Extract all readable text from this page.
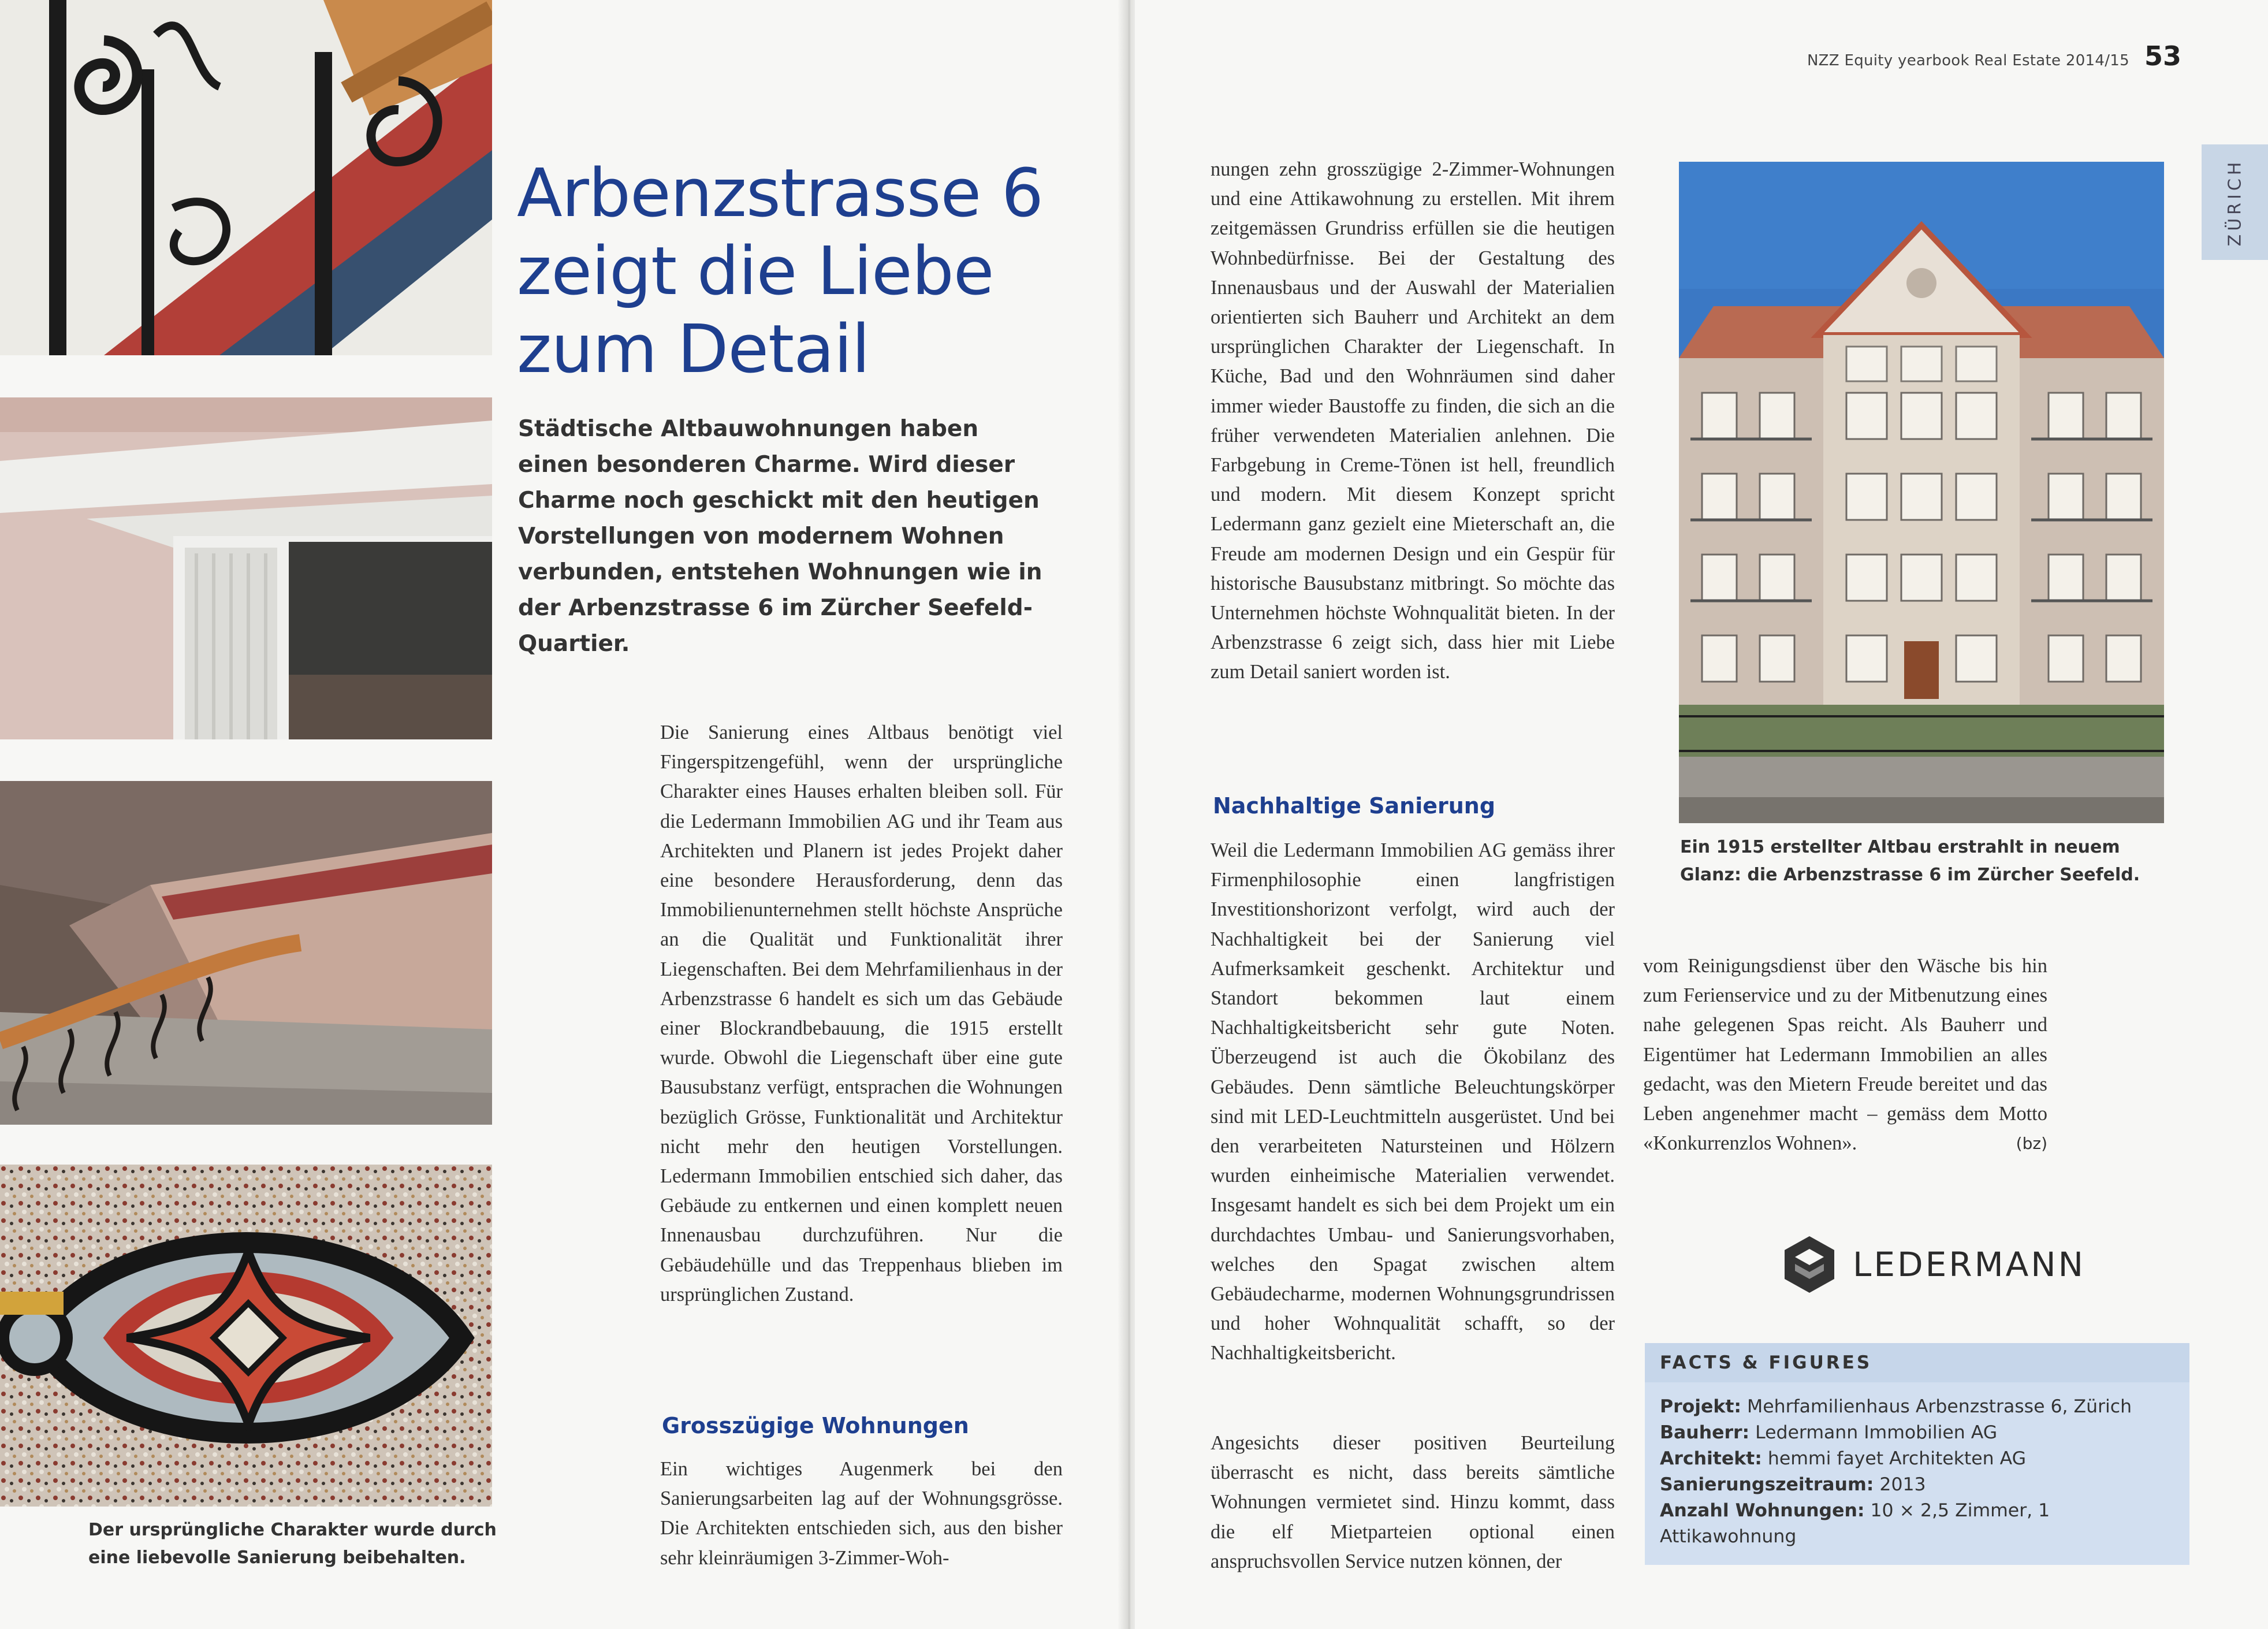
Der ursprüngliche Charakter wurde durch eine liebevolle Sanierung beibehalten.

Arbenzstrasse 6
zeigt die Liebe
zum Detail

Städtische Altbauwohnungen haben einen besonderen Charme. Wird dieser Charme noch geschickt mit den heutigen Vorstellungen von modernem Wohnen verbunden, entstehen Wohnungen wie in der Arbenzstrasse 6 im Zürcher Seefeld-Quartier.

Die Sanierung eines Altbaus benötigt viel Fingerspitzengefühl, wenn der ursprüngliche Charakter eines Hauses erhalten bleiben soll. Für die Ledermann Immobilien AG und ihr Team aus Architekten und Planern ist jedes Projekt daher eine besondere Herausforderung, denn das Immobilienunternehmen stellt höchste Ansprüche an die Qualität und Funktionalität ihrer Liegenschaften. Bei dem Mehrfamilienhaus in der Arbenzstrasse 6 handelt es sich um das Gebäude einer Blockrandbebauung, die 1915 erstellt wurde. Obwohl die Liegenschaft über eine gute Bausubstanz verfügt, entsprachen die Wohnungen bezüglich Grösse, Funktionalität und Architektur nicht mehr den heutigen Vorstellungen. Ledermann Immobilien entschied sich daher, das Gebäude zu entkernen und einen komplett neuen Innenausbau durchzuführen. Nur die Gebäudehülle und das Treppenhaus blieben im ursprünglichen Zustand.

Grosszügige Wohnungen

Ein wichtiges Augenmerk bei den Sanierungsarbeiten lag auf der Wohnungsgrösse. Die Architekten entschieden sich, aus den bisher sehr kleinräumigen 3-Zimmer-Woh-

NZZ Equity yearbook Real Estate 2014/15 53
ZÜRICH

nungen zehn grosszügige 2-Zimmer-Wohnungen und eine Attikawohnung zu erstellen. Mit ihrem zeitgemässen Grundriss erfüllen sie die heutigen Wohnbedürfnisse. Bei der Gestaltung des Innenausbaus und der Auswahl der Materialien orientierten sich Bauherr und Architekt an dem ursprünglichen Charakter der Liegenschaft. In Küche, Bad und den Wohnräumen sind daher immer wieder Baustoffe zu finden, die sich an die früher verwendeten Materialien anlehnen. Die Farbgebung in Creme-Tönen ist hell, freundlich und modern. Mit diesem Konzept spricht Ledermann ganz gezielt eine Mieterschaft an, die Freude am modernen Design und ein Gespür für historische Bausubstanz mitbringt. So möchte das Unternehmen höchste Wohnqualität bieten. In der Arbenzstrasse 6 zeigt sich, dass hier mit Liebe zum Detail saniert worden ist.

Nachhaltige Sanierung

Weil die Ledermann Immobilien AG gemäss ihrer Firmenphilosophie einen langfristigen Investitionshorizont verfolgt, wird auch der Nachhaltigkeit bei der Sanierung viel Aufmerksamkeit geschenkt. Architektur und Standort bekommen laut einem Nachhaltigkeitsbericht sehr gute Noten. Überzeugend ist auch die Ökobilanz des Gebäudes. Denn sämtliche Beleuchtungskörper sind mit LED-Leuchtmitteln ausgerüstet. Und bei den verarbeiteten Natursteinen und Hölzern wurden einheimische Materialien verwendet. Insgesamt handelt es sich bei dem Projekt um ein durchdachtes Umbau- und Sanierungsvorhaben, welches den Spagat zwischen altem Gebäudecharme, modernen Wohnungsgrundrissen und hoher Wohnqualität schafft, so der Nachhaltigkeitsbericht.

Angesichts dieser positiven Beurteilung überrascht es nicht, dass bereits sämtliche Wohnungen vermietet sind. Hinzu kommt, dass die elf Mietparteien optional einen anspruchsvollen Service nutzen können, der

Ein 1915 erstellter Altbau erstrahlt in neuem Glanz: die Arbenzstrasse 6 im Zürcher Seefeld.

vom Reinigungsdienst über den Wäsche bis hin zum Ferienservice und zu der Mitbenutzung eines nahe gelegenen Spas reicht. Als Bauherr und Eigentümer hat Ledermann Immobilien an alles gedacht, was den Mietern Freude bereitet und das Leben angenehmer macht – gemäss dem Motto «Konkurrenzlos Wohnen».	(bz)

LEDERMANN
FACTS & FIGURES
Projekt: Mehrfamilienhaus Arbenzstrasse 6, Zürich
Bauherr: Ledermann Immobilien AG
Architekt: hemmi fayet Architekten AG
Sanierungszeitraum: 2013
Anzahl Wohnungen: 10 × 2,5 Zimmer, 1 Attikawohnung
